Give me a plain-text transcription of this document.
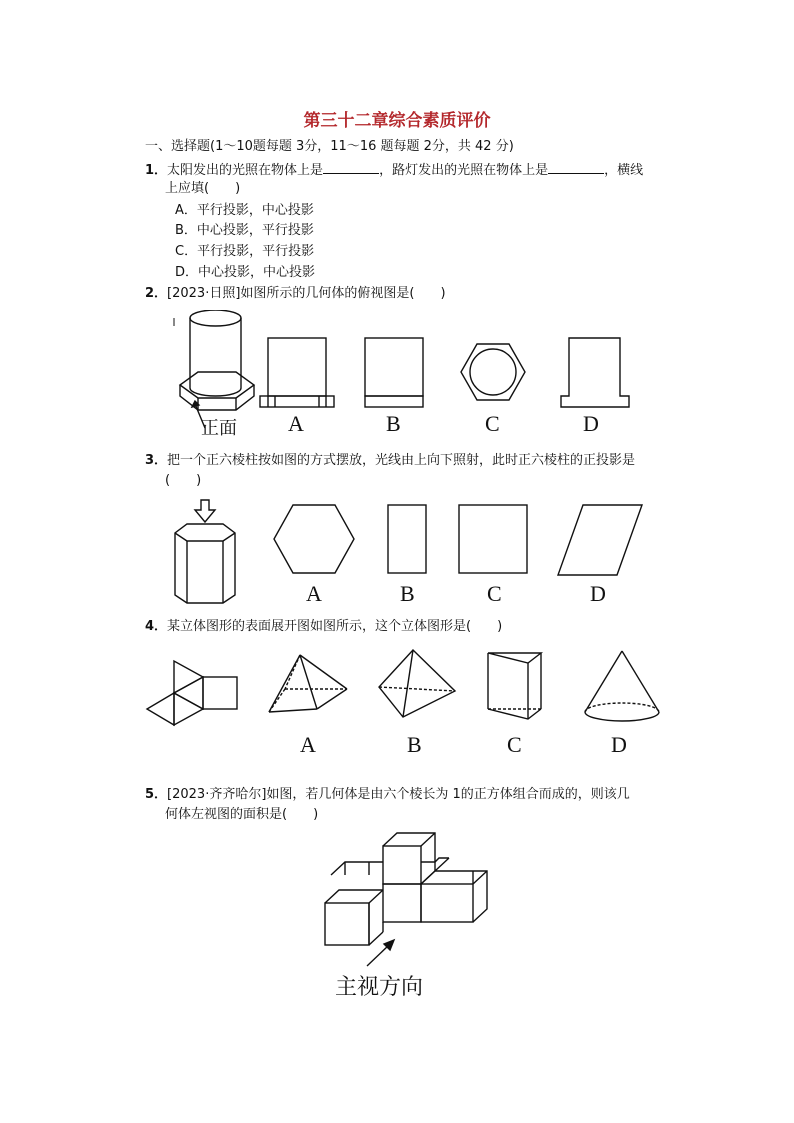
第三十二章综合素质评价
一、选择题(1～10题每题 3分，11～16 题每题 2分，共 42 分)
1．太阳发出的光照在物体上是	，路灯发出的光照在物体上是	，横线
上应填(　　)
A．平行投影，中心投影
B．中心投影，平行投影
C．平行投影，平行投影
D．中心投影，中心投影
2．[2023·日照]如图所示的几何体的俯视图是(　　)
正面 A	B	C	D
3．把一个正六棱柱按如图的方式摆放，光线由上向下照射，此时正六棱柱的正投影是
(　　)
A	B	C	D
4．某立体图形的表面展开图如图所示，这个立体图形是(　　)
A	B	C	D
5．[2023·齐齐哈尔]如图，若几何体是由六个棱长为 1的正方体组合而成的，则该几
何体左视图的面积是(　　)
主视方向
